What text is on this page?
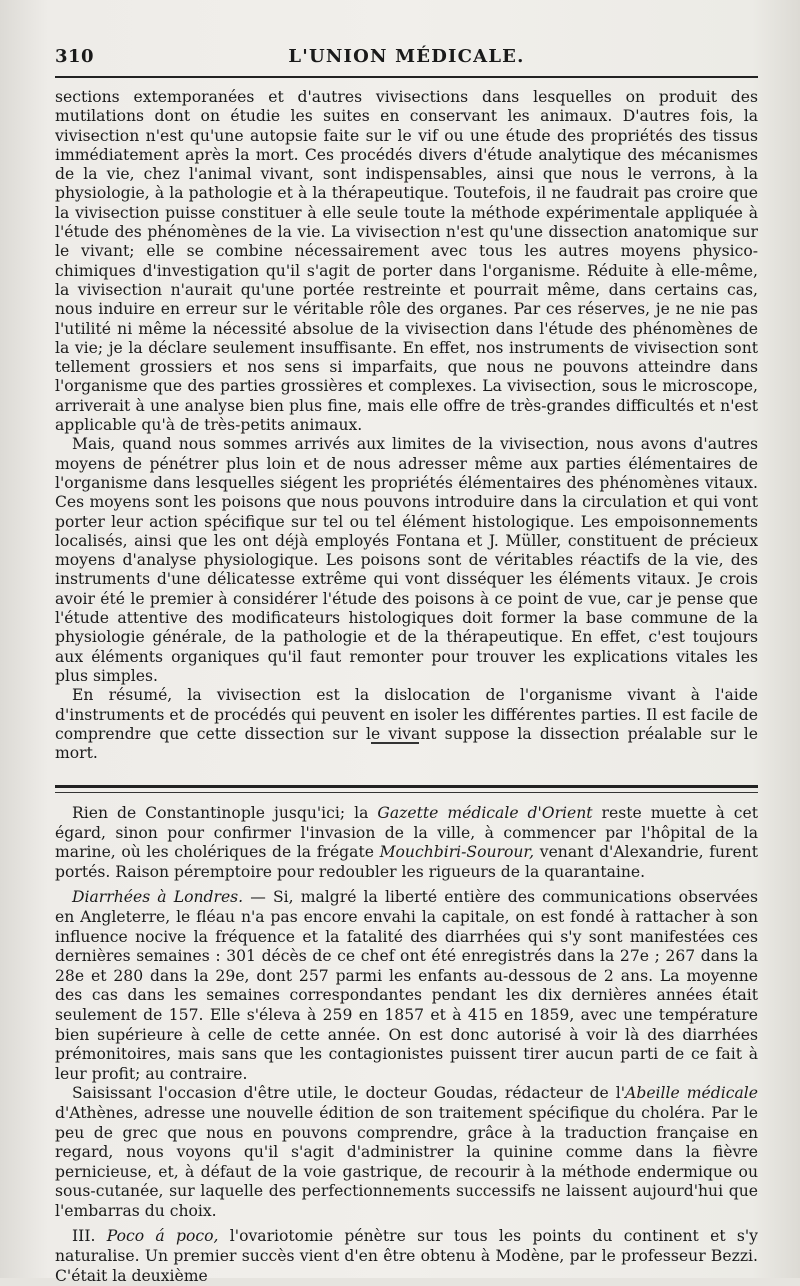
310	L'UNION MÉDICALE.

sections extemporanées et d'autres vivisections dans lesquelles on produit des mutilations dont on étudie les suites en conservant les animaux. D'autres fois, la vivisection n'est qu'une autopsie faite sur le vif ou une étude des propriétés des tissus immédiatement après la mort. Ces procédés divers d'étude analytique des mécanismes de la vie, chez l'animal vivant, sont indispensables, ainsi que nous le verrons, à la physiologie, à la pathologie et à la thérapeutique. Toutefois, il ne faudrait pas croire que la vivisection puisse constituer à elle seule toute la méthode expérimentale appliquée à l'étude des phénomènes de la vie. La vivisection n'est qu'une dissection anatomique sur le vivant; elle se combine nécessairement avec tous les autres moyens physico-chimiques d'investigation qu'il s'agit de porter dans l'organisme. Réduite à elle-même, la vivisection n'aurait qu'une portée restreinte et pourrait même, dans certains cas, nous induire en erreur sur le véritable rôle des organes. Par ces réserves, je ne nie pas l'utilité ni même la nécessité absolue de la vivisection dans l'étude des phénomènes de la vie; je la déclare seulement insuffisante. En effet, nos instruments de vivisection sont tellement grossiers et nos sens si imparfaits, que nous ne pouvons atteindre dans l'organisme que des parties grossières et complexes. La vivisection, sous le microscope, arriverait à une analyse bien plus fine, mais elle offre de très-grandes difficultés et n'est applicable qu'à de très-petits animaux.

Mais, quand nous sommes arrivés aux limites de la vivisection, nous avons d'autres moyens de pénétrer plus loin et de nous adresser même aux parties élémentaires de l'organisme dans lesquelles siégent les propriétés élémentaires des phénomènes vitaux. Ces moyens sont les poisons que nous pouvons introduire dans la circulation et qui vont porter leur action spécifique sur tel ou tel élément histologique. Les empoisonnements localisés, ainsi que les ont déjà employés Fontana et J. Müller, constituent de précieux moyens d'analyse physiologique. Les poisons sont de véritables réactifs de la vie, des instruments d'une délicatesse extrême qui vont disséquer les éléments vitaux. Je crois avoir été le premier à considérer l'étude des poisons à ce point de vue, car je pense que l'étude attentive des modificateurs histologiques doit former la base commune de la physiologie générale, de la pathologie et de la thérapeutique. En effet, c'est toujours aux éléments organiques qu'il faut remonter pour trouver les explications vitales les plus simples.

En résumé, la vivisection est la dislocation de l'organisme vivant à l'aide d'instruments et de procédés qui peuvent en isoler les différentes parties. Il est facile de comprendre que cette dissection sur le vivant suppose la dissection préalable sur le mort.

Rien de Constantinople jusqu'ici; la Gazette médicale d'Orient reste muette à cet égard, sinon pour confirmer l'invasion de la ville, à commencer par l'hôpital de la marine, où les cholériques de la frégate Mouchbiri-Sourour, venant d'Alexandrie, furent portés. Raison péremptoire pour redoubler les rigueurs de la quarantaine.

Diarrhées à Londres. — Si, malgré la liberté entière des communications observées en Angleterre, le fléau n'a pas encore envahi la capitale, on est fondé à rattacher à son influence nocive la fréquence et la fatalité des diarrhées qui s'y sont manifestées ces dernières semaines : 301 décès de ce chef ont été enregistrés dans la 27e ; 267 dans la 28e et 280 dans la 29e, dont 257 parmi les enfants au-dessous de 2 ans. La moyenne des cas dans les semaines correspondantes pendant les dix dernières années était seulement de 157. Elle s'éleva à 259 en 1857 et à 415 en 1859, avec une température bien supérieure à celle de cette année. On est donc autorisé à voir là des diarrhées prémonitoires, mais sans que les contagionistes puissent tirer aucun parti de ce fait à leur profit; au contraire.

Saisissant l'occasion d'être utile, le docteur Goudas, rédacteur de l'Abeille médicale d'Athènes, adresse une nouvelle édition de son traitement spécifique du choléra. Par le peu de grec que nous en pouvons comprendre, grâce à la traduction française en regard, nous voyons qu'il s'agit d'administrer la quinine comme dans la fièvre pernicieuse, et, à défaut de la voie gastrique, de recourir à la méthode endermique ou sous-cutanée, sur laquelle des perfectionnements successifs ne laissent aujourd'hui que l'embarras du choix.

III. Poco á poco, l'ovariotomie pénètre sur tous les points du continent et s'y naturalise. Un premier succès vient d'en être obtenu à Modène, par le professeur Bezzi. C'était la deuxième
